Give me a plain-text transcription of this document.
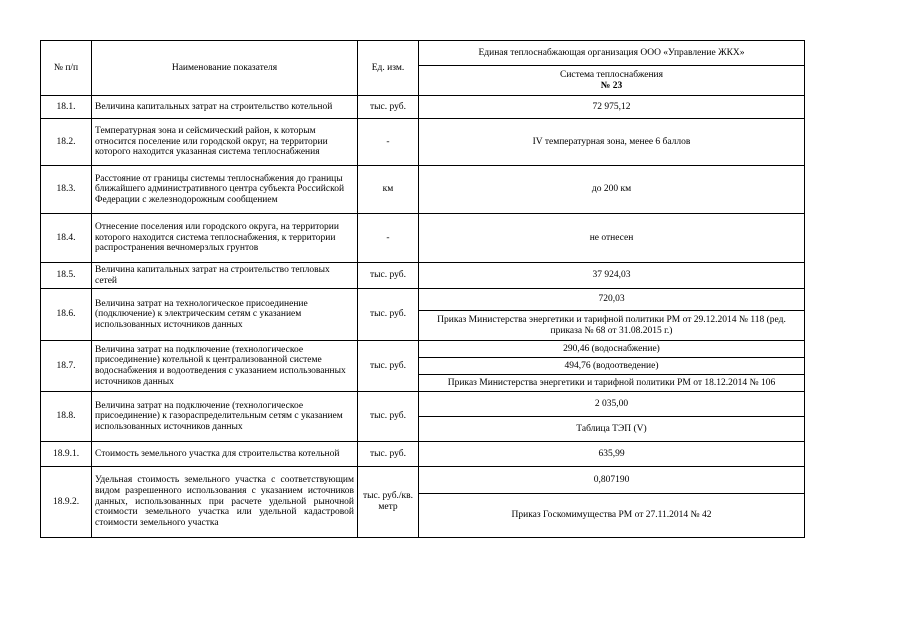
№ п/п	Наименование показателя	Ед. изм.	Единая теплоснабжающая организация ООО «Управление ЖКХ»

			Система теплоснабжения
№ 23

18.1.	Величина капитальных затрат на строительство котельной	тыс. руб.	72 975,12
18.2.	Температурная зона и сейсмический район, к которым относится поселение или городской округ, на территории которого находится указанная система теплоснабжения	-	IV температурная зона, менее 6 баллов
18.3.	Расстояние от границы системы теплоснабжения до границы ближайшего административного центра субъекта Российской Федерации с железнодорожным сообщением	км	до 200 км
18.4.	Отнесение поселения или городского округа, на территории которого находится система теплоснабжения, к территории распространения вечномерзлых грунтов	-	не отнесен
18.5.	Величина капитальных затрат на строительство тепловых сетей	тыс. руб.	37 924,03
18.6.	Величина затрат на технологическое присоединение (подключение) к электрическим сетям с указанием использованных источников данных	тыс. руб.	720,03
			Приказ Министерства энергетики и тарифной политики РМ от 29.12.2014 № 118 (ред. приказа № 68 от 31.08.2015 г.)
18.7.	Величина затрат на подключение (технологическое присоединение) котельной к централизованной системе водоснабжения и водоотведения с указанием использованных источников данных	тыс. руб.	290,46 (водоснабжение)
			494,76 (водоотведение)
			Приказ Министерства энергетики и тарифной политики РМ от 18.12.2014 № 106
18.8.	Величина затрат на подключение (технологическое присоединение) к газораспределительным сетям с указанием использованных источников данных	тыс. руб.	2 035,00
			Таблица ТЭП (V)
18.9.1.	Стоимость земельного участка для строительства котельной	тыс. руб.	635,99
18.9.2.	Удельная стоимость земельного участка с соответствующим видом разрешенного использования с указанием источников данных, использованных при расчете удельной рыночной стоимости земельного участка или удельной кадастровой стоимости земельного участка	тыс. руб./кв. метр	0,807190
			Приказ Госкомимущества РМ от 27.11.2014 № 42
